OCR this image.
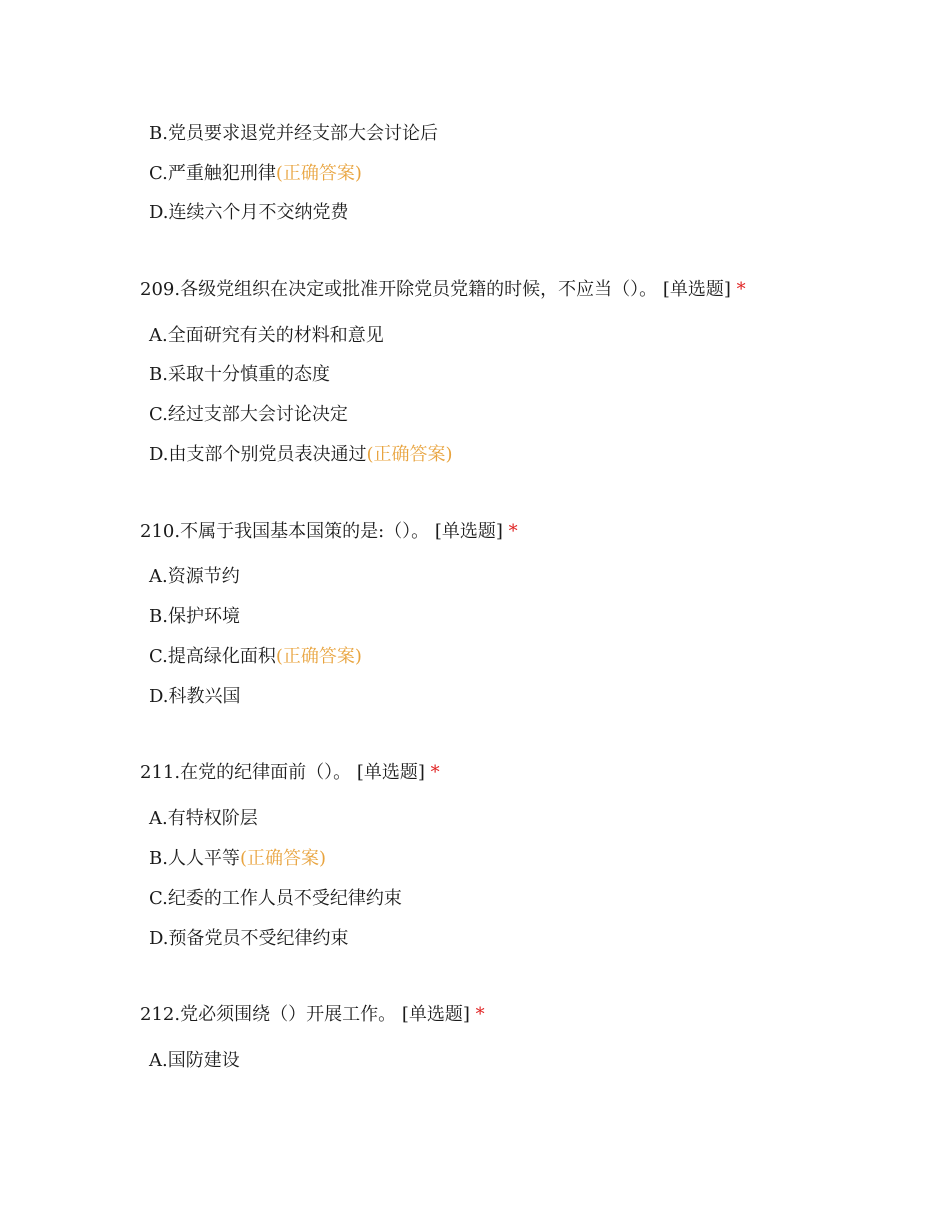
B.党员要求退党并经支部大会讨论后
C.严重触犯刑律(正确答案)
D.连续六个月不交纳党费
209.各级党组织在决定或批准开除党员党籍的时候，不应当（）。 [单选题] *
A.全面研究有关的材料和意见
B.采取十分慎重的态度
C.经过支部大会讨论决定
D.由支部个别党员表决通过(正确答案)
210.不属于我国基本国策的是:（）。 [单选题] *
A.资源节约
B.保护环境
C.提高绿化面积(正确答案)
D.科教兴国
211.在党的纪律面前（）。 [单选题] *
A.有特权阶层
B.人人平等(正确答案)
C.纪委的工作人员不受纪律约束
D.预备党员不受纪律约束
212.党必须围绕（）开展工作。 [单选题] *
A.国防建设
